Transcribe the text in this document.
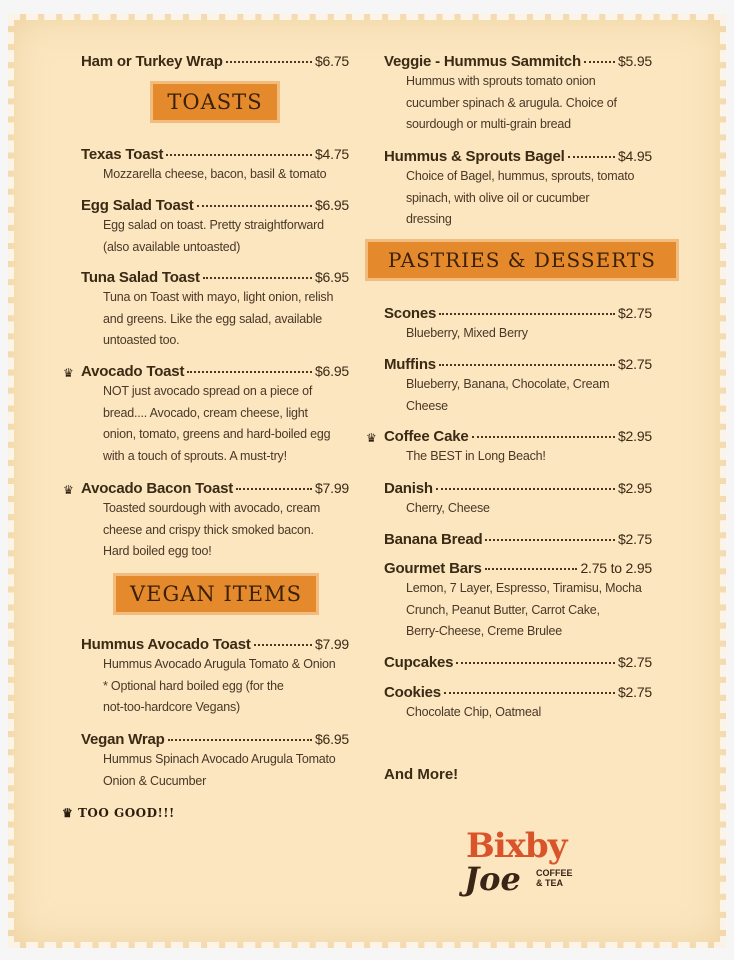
Ham or Turkey Wrap	$6.75
TOASTS
Texas Toast	$4.75
Mozzarella cheese, bacon, basil & tomato
Egg Salad Toast	$6.95
Egg salad on toast. Pretty straightforward
(also available untoasted)
Tuna Salad Toast	$6.95
Tuna on Toast with mayo, light onion, relish
and greens. Like the egg salad, available
untoasted too.
♛ Avocado Toast	$6.95
NOT just avocado spread on a piece of
bread.... Avocado, cream cheese, light
onion, tomato, greens and hard-boiled egg
with a touch of sprouts. A must-try!
♛ Avocado Bacon Toast	$7.99
Toasted sourdough with avocado, cream
cheese and crispy thick smoked bacon.
Hard boiled egg too!
VEGAN ITEMS
Hummus Avocado Toast	$7.99
Hummus Avocado Arugula Tomato & Onion
* Optional hard boiled egg (for the
not-too-hardcore Vegans)
Vegan Wrap	$6.95
Hummus Spinach Avocado Arugula Tomato
Onion & Cucumber
♛ TOO GOOD!!!
Veggie - Hummus Sammitch	$5.95
Hummus with sprouts tomato onion
cucumber spinach & arugula. Choice of
sourdough or multi-grain bread
Hummus & Sprouts Bagel	$4.95
Choice of Bagel, hummus, sprouts, tomato
spinach, with olive oil or cucumber
dressing
PASTRIES & DESSERTS
Scones	$2.75
Blueberry, Mixed Berry
Muffins	$2.75
Blueberry, Banana, Chocolate, Cream
Cheese
♛ Coffee Cake	$2.95
The BEST in Long Beach!
Danish	$2.95
Cherry, Cheese
Banana Bread	$2.75
Gourmet Bars	2.75 to 2.95
Lemon, 7 Layer, Espresso, Tiramisu, Mocha
Crunch, Peanut Butter, Carrot Cake,
Berry-Cheese, Creme Brulee
Cupcakes	$2.75
Cookies	$2.75
Chocolate Chip, Oatmeal
And More!
Bixby
Joe COFFEE
& TEA
